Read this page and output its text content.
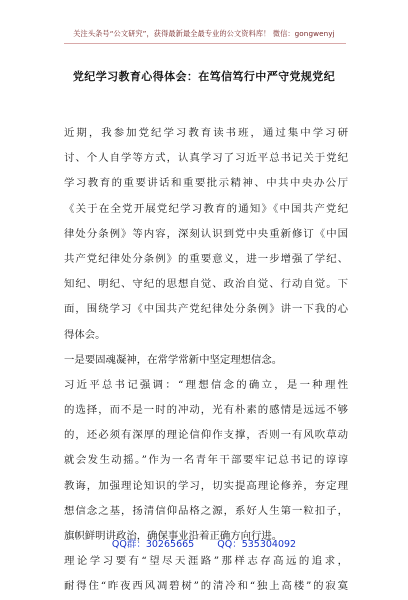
关注头条号“公文研究”，获得最新最全最专业的公文资料库！ 微信：gongwenyj
党纪学习教育心得体会：在笃信笃行中严守党规党纪
近期，我参加党纪学习教育读书班，通过集中学习研
讨、个人自学等方式，认真学习了习近平总书记关于党纪
学习教育的重要讲话和重要批示精神、中共中央办公厅
《关于在全党开展党纪学习教育的通知》《中国共产党纪
律处分条例》等内容，深刻认识到党中央重新修订《中国
共产党纪律处分条例》的重要意义，进一步增强了学纪、
知纪、明纪、守纪的思想自觉、政治自觉、行动自觉。下
面，围绕学习《中国共产党纪律处分条例》讲一下我的心
得体会。
一是要固魂凝神，在常学常新中坚定理想信念。
习近平总书记强调：“理想信念的确立，是一种理性
的选择，而不是一时的冲动，光有朴素的感情是远远不够
的，还必须有深厚的理论信仰作支撑，否则一有风吹草动
就会发生动摇。”作为一名青年干部要牢记总书记的谆谆
教诲，加强理论知识的学习，切实提高理论修养，夯定理
想信念之基，扬清信仰品格之源，系好人生第一粒扣子，
旗帜鲜明讲政治，确保事业沿着正确方向行进。
理论学习要有“望尽天涯路”那样志存高远的追求，
耐得住“昨夜西风凋碧树”的清冷和“独上高楼”的寂寞
QQ群：30265665 QQ：535304092
